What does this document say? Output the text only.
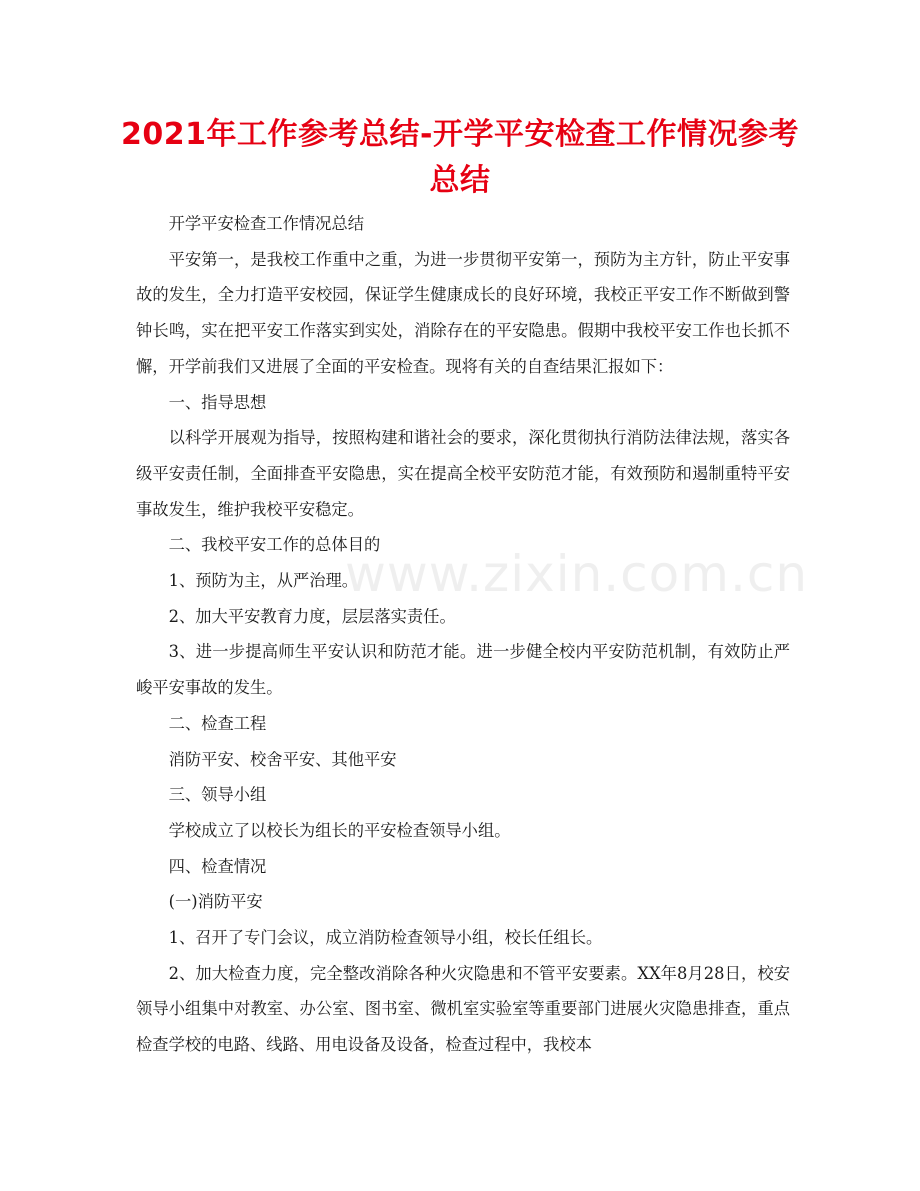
2021年工作参考总结-开学平安检查工作情况参考总结

开学平安检查工作情况总结

平安第一，是我校工作重中之重，为进一步贯彻平安第一，预防为主方针，防止平安事故的发生，全力打造平安校园，保证学生健康成长的良好环境，我校正平安工作不断做到警钟长鸣，实在把平安工作落实到实处，消除存在的平安隐患。假期中我校平安工作也长抓不懈，开学前我们又进展了全面的平安检查。现将有关的自查结果汇报如下：

一、指导思想

以科学开展观为指导，按照构建和谐社会的要求，深化贯彻执行消防法律法规，落实各级平安责任制，全面排查平安隐患，实在提高全校平安防范才能，有效预防和遏制重特平安事故发生，维护我校平安稳定。

二、我校平安工作的总体目的

1、预防为主，从严治理。

2、加大平安教育力度，层层落实责任。

3、进一步提高师生平安认识和防范才能。进一步健全校内平安防范机制，有效防止严峻平安事故的发生。

二、检查工程

消防平安、校舍平安、其他平安

三、领导小组

学校成立了以校长为组长的平安检查领导小组。

四、检查情况

(一)消防平安

1、召开了专门会议，成立消防检查领导小组，校长任组长。

2、加大检查力度，完全整改消除各种火灾隐患和不管平安要素。XX年8月28日，校安领导小组集中对教室、办公室、图书室、微机室实验室等重要部门进展火灾隐患排查，重点检查学校的电路、线路、用电设备及设备，检查过程中，我校本

www.zixin.com.cn
